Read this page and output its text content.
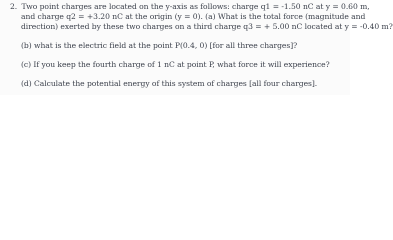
2. Two point charges are located on the y-axis as follows: charge q1 = -1.50 nC at y = 0.60 m,
and charge q2 = +3.20 nC at the origin (y = 0). (a) What is the total force (magnitude and
direction) exerted by these two charges on a third charge q3 = + 5.00 nC located at y = -0.40 m?
(b) what is the electric field at the point P(0.4, 0) [for all three charges]?
(c) If you keep the fourth charge of 1 nC at point P, what force it will experience?
(d) Calculate the potential energy of this system of charges [all four charges].
